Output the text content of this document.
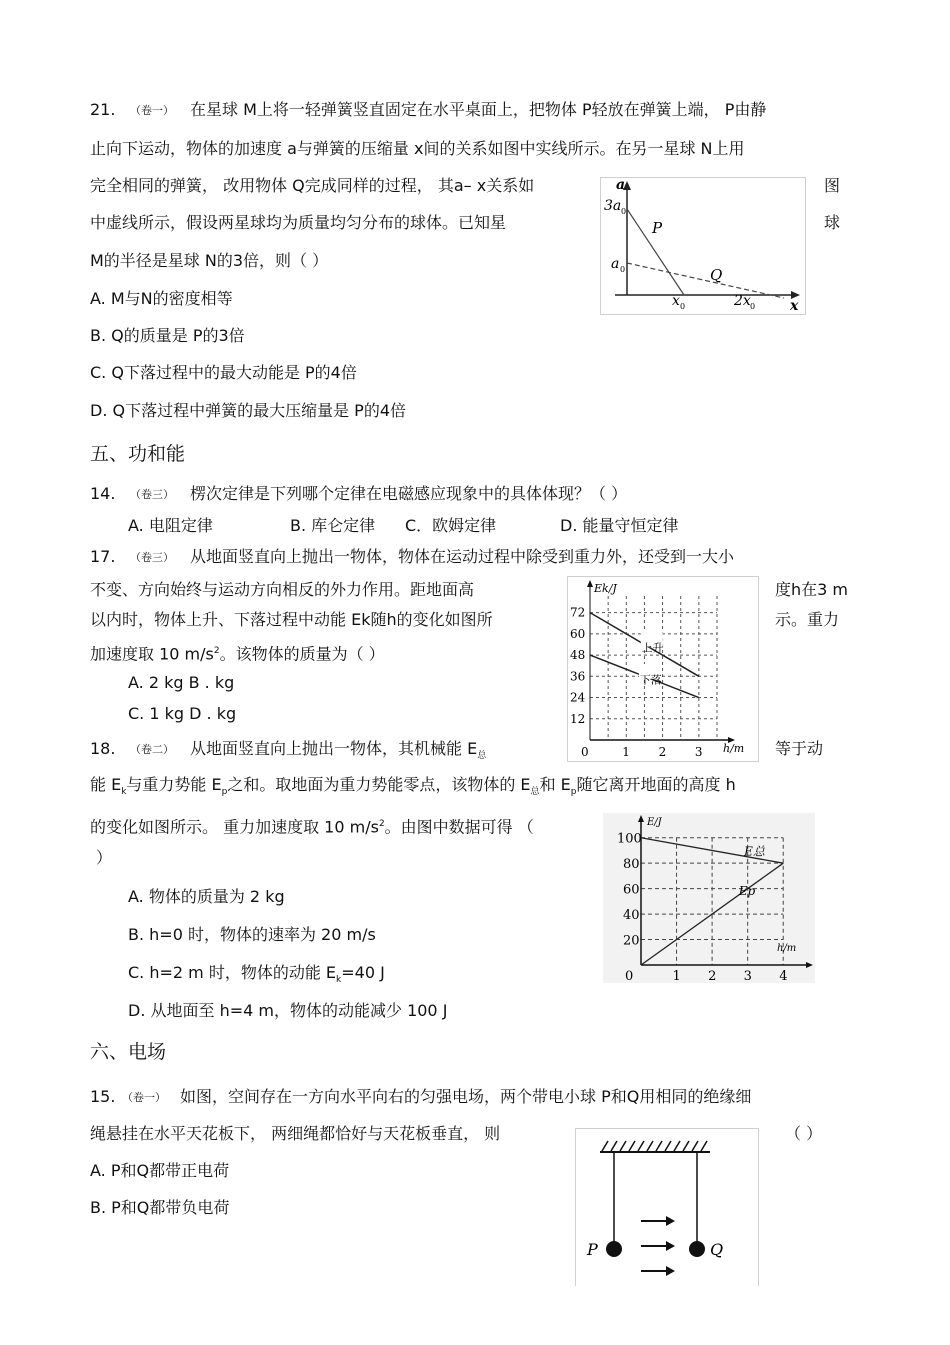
21. （卷一） 在星球 M上将一轻弹簧竖直固定在水平桌面上，把物体 P轻放在弹簧上端， P由静
止向下运动，物体的加速度 a与弹簧的压缩量 x间的关系如图中实线所示。在另一星球 N上用
完全相同的弹簧， 改用物体 Q完成同样的过程， 其a– x关系如	图
中虚线所示，假设两星球均为质量均匀分布的球体。已知星	球
M的半径是星球 N的3倍，则（ ）
A. M与N的密度相等
B. Q的质量是 P的3倍
C. Q下落过程中的最大动能是 P的4倍
D. Q下落过程中弹簧的最大压缩量是 P的4倍
a
x
3a 0
a 0
x 0	2x 0
P
Q
五、功和能
14. （卷三） 楞次定律是下列哪个定律在电磁感应现象中的具体体现？（ ）
A. 电阻定律	B. 库仑定律 C．欧姆定律	D. 能量守恒定律
17. （卷三） 从地面竖直向上抛出一物体，物体在运动过程中除受到重力外，还受到一大小
不变、方向始终与运动方向相反的外力作用。距地面高	度h在3 m
以内时，物体上升、下落过程中动能 Ek随h的变化如图所	示。重力
加速度取 10 $m/s^2$。该物体的质量为（ ）
A. 2 kg B . kg
C. 1 kg D . kg
72
60
48
36
24
12
Ek/J
h/m
0	1 2 3
上升
下落
18. （卷二） 从地面竖直向上抛出一物体，其机械能 $E_总$	等于动
能 $E_k$与重力势能 $E_p$之和。取地面为重力势能零点，该物体的 $E_总$和 $E_p$随它离开地面的高度 h
的变化如图所示。 重力加速度取 10 $m/s^2$。由图中数据可得 （
）
A. 物体的质量为 2 kg
B. h=0 时，物体的速率为 20 m/s
C. h=2 m 时，物体的动能 $E_k=40$ J
D. 从地面至 h=4 m，物体的动能减少 100 J
100
80
60
40
20
0	1 2 3 4
E/J
h/m
E总
Ep
六、电场
15. （卷一） 如图，空间存在一方向水平向右的匀强电场，两个带电小球 P和Q用相同的绝缘细
绳悬挂在水平天花板下， 两细绳都恰好与天花板垂直， 则	（ ）
A. P和Q都带正电荷
B. P和Q都带负电荷
P	Q
